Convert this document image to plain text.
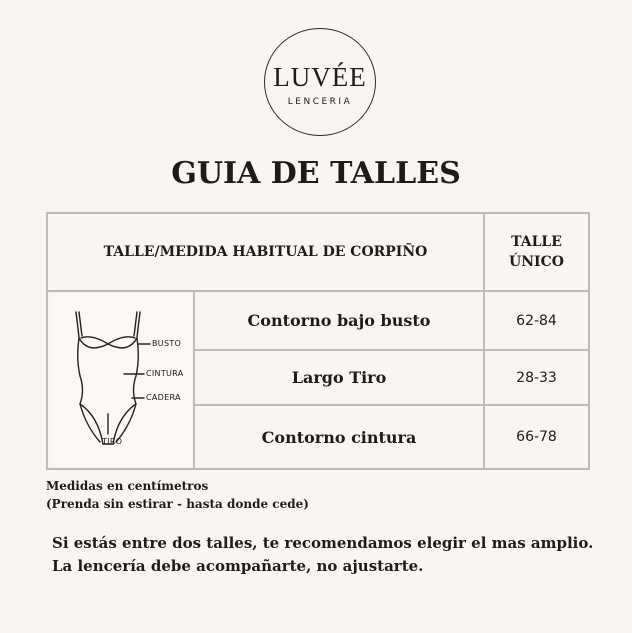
LUVÉE
LENCERIA
GUIA DE TALLES
TALLE/MEDIDA HABITUAL DE CORPIÑO
TALLE
ÚNICO
BUSTO
CINTURA
CADERA
TIRO
Contorno bajo busto	62-84
Largo Tiro	28-33
Contorno cintura	66-78
Medidas en centímetros
(Prenda sin estirar - hasta donde cede)
Si estás entre dos talles, te recomendamos elegir el mas amplio.
La lencería debe acompañarte, no ajustarte.
